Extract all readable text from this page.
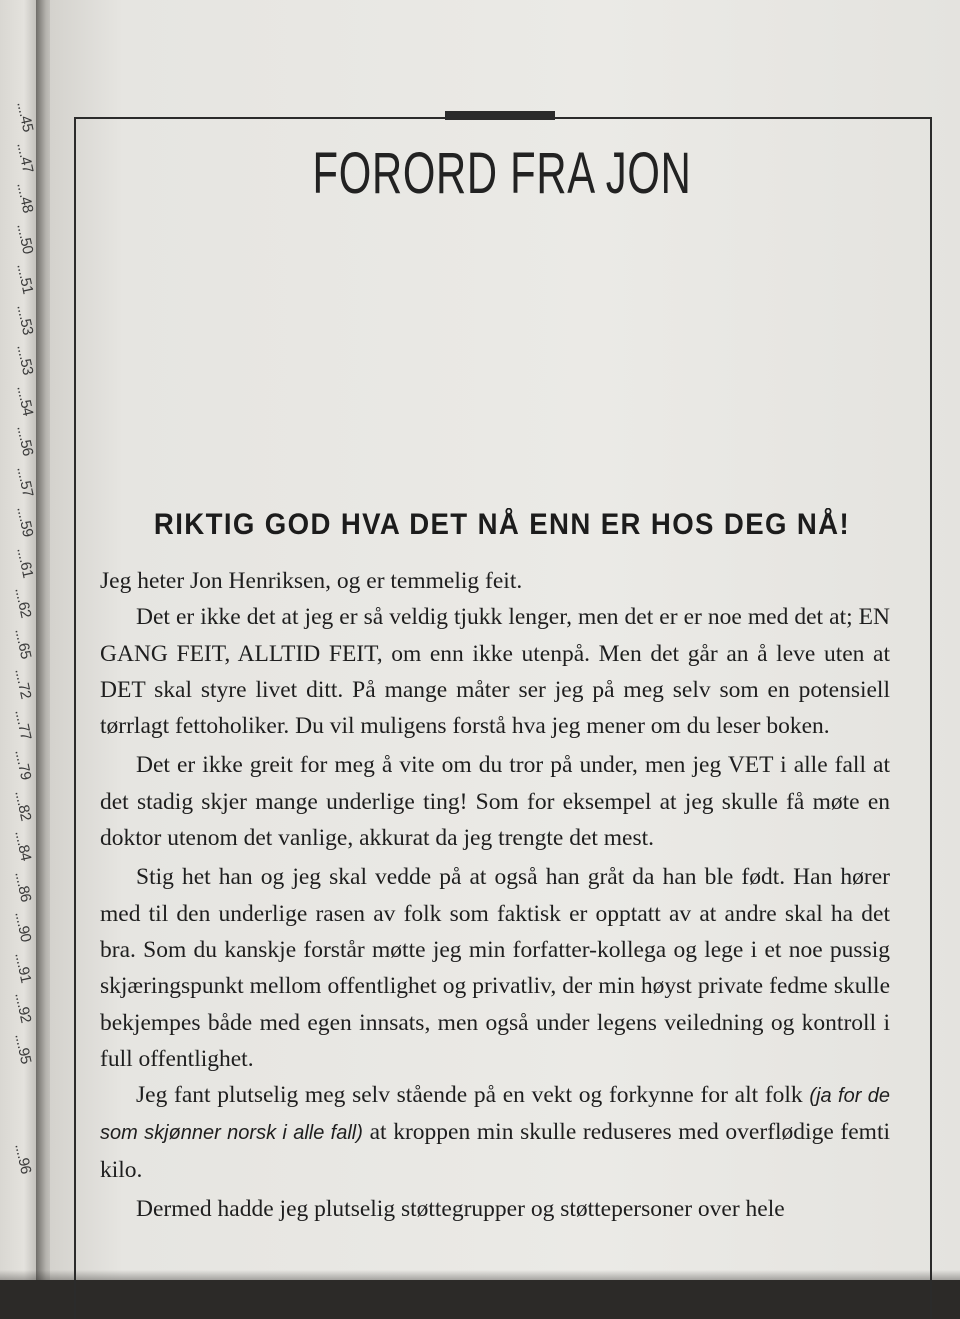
....45
....47
....48
....50
....51
....53
....53
....54
....56
....57
....59
....61
....62
....65
....72
....77
....79
....82
....84
....86
....90
....91
....92
....95
....96
FORORD FRA JON
RIKTIG GOD HVA DET NÅ ENN ER HOS DEG NÅ!

Jeg heter Jon Henriksen, og er temmelig feit.

Det er ikke det at jeg er så veldig tjukk lenger, men det er er noe med det at; EN GANG FEIT, ALLTID FEIT, om enn ikke utenpå. Men det går an å leve uten at DET skal styre livet ditt. På mange måter ser jeg på meg selv som en potensiell tørrlagt fettoholiker. Du vil muligens forstå hva jeg mener om du leser boken.

Det er ikke greit for meg å vite om du tror på under, men jeg VET i alle fall at det stadig skjer mange underlige ting! Som for eksempel at jeg skulle få møte en doktor utenom det vanlige, akkurat da jeg trengte det mest.

Stig het han og jeg skal vedde på at også han gråt da han ble født. Han hører med til den underlige rasen av folk som faktisk er opptatt av at andre skal ha det bra. Som du kanskje forstår møtte jeg min forfatter-kollega og lege i et noe pussig skjæringspunkt mellom offentlighet og privatliv, der min høyst private fedme skulle bekjempes både med egen innsats, men også under legens veiledning og kontroll i full offentlighet.

Jeg fant plutselig meg selv stående på en vekt og forkynne for alt folk (ja for de som skjønner norsk i alle fall) at kroppen min skulle reduseres med overflødige femti kilo.

Dermed hadde jeg plutselig støttegrupper og støttepersoner over hele
